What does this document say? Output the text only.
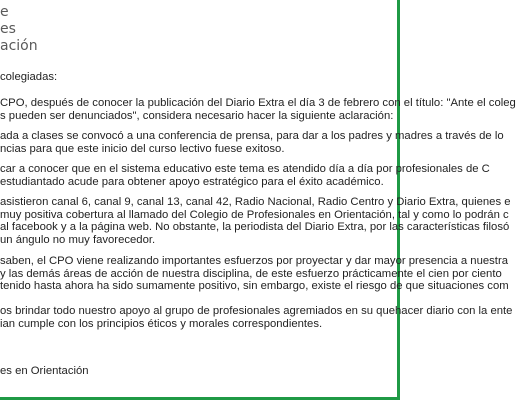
e
es
ación
colegiadas:
CPO, después de conocer la publicación del Diario Extra el día 3 de febrero con el título: "Ante el coleg
s pueden ser denunciados", considera necesario hacer la siguiente aclaración:
ada a clases se convocó a una conferencia de prensa, para dar a los padres y madres a través de lo
ncias para que este inicio del curso lectivo fuese exitoso.
car a conocer que en el sistema educativo este tema es atendido día a día por profesionales de C
estudiantado acude para obtener apoyo estratégico para el éxito académico.
asistieron canal 6, canal 9, canal 13, canal 42, Radio Nacional, Radio Centro y Diario Extra, quienes e
muy positiva cobertura al llamado del Colegio de Profesionales en Orientación, tal y como lo podrán c
al facebook y a la página web. No obstante, la periodista del Diario Extra, por las características filosó
un ángulo no muy favorecedor.
saben, el CPO viene realizando importantes esfuerzos por proyectar y dar mayor presencia a nuestra
y las demás áreas de acción de nuestra disciplina, de este esfuerzo prácticamente el cien por ciento
tenido hasta ahora ha sido sumamente positivo, sin embargo, existe el riesgo de que situaciones com
os brindar todo nuestro apoyo al grupo de profesionales agremiados en su quehacer diario con la ente
ian cumple con los principios éticos y morales correspondientes.
es en Orientación
